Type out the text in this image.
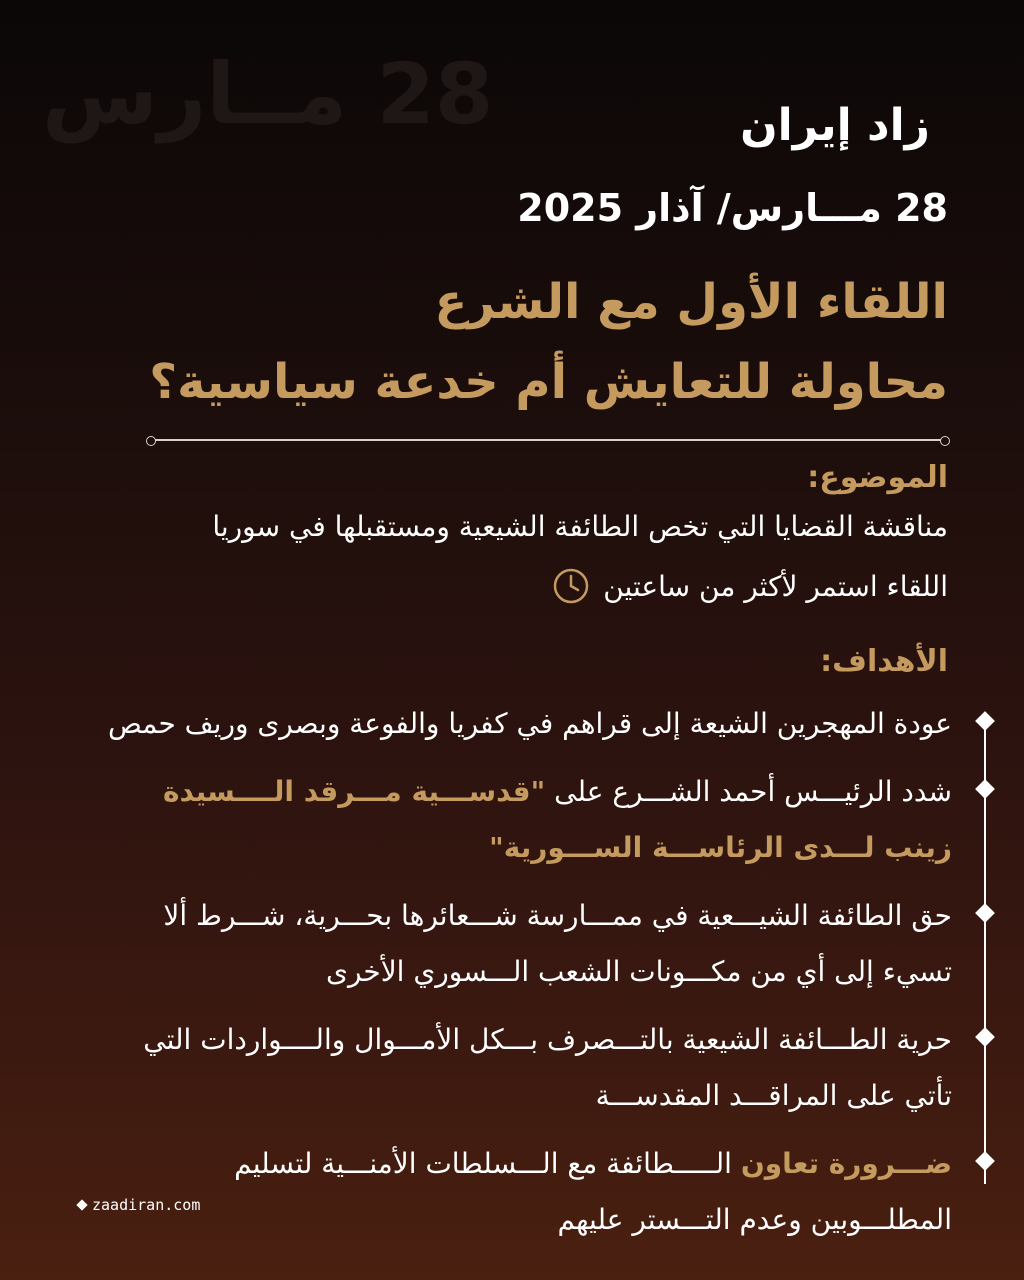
28 مــارس	زاد إيران
28 مـــارس/ آذار 2025
اللقاء الأول مع الشرع
محاولة للتعايش أم خدعة سياسية؟
الموضوع:
مناقشة القضايا التي تخص الطائفة الشيعية ومستقبلها في سوريا
اللقاء استمر لأكثر من ساعتين
الأهداف:
عودة المهجرين الشيعة إلى قراهم في كفريا والفوعة وبصرى وريف حمص
شدد الرئيـــس أحمد الشـــرع على "قدســـية مـــرقد الــــسيدة زينب لـــدى الرئاســـة الســـورية"
حق الطائفة الشيـــعية في ممـــارسة شـــعائرها بحـــرية، شـــرط ألا تسيء إلى أي من مكـــونات الشعب الـــسوري الأخرى
حرية الطـــائفة الشيعية بالتـــصرف بـــكل الأمـــوال والــــواردات التي تأتي على المراقـــد المقدســـة
ضـــرورة تعاون الـــــطائفة مع الـــسلطات الأمنـــية لتسليم المطلـــوبين وعدم التـــستر عليهم
zaadiran.com
